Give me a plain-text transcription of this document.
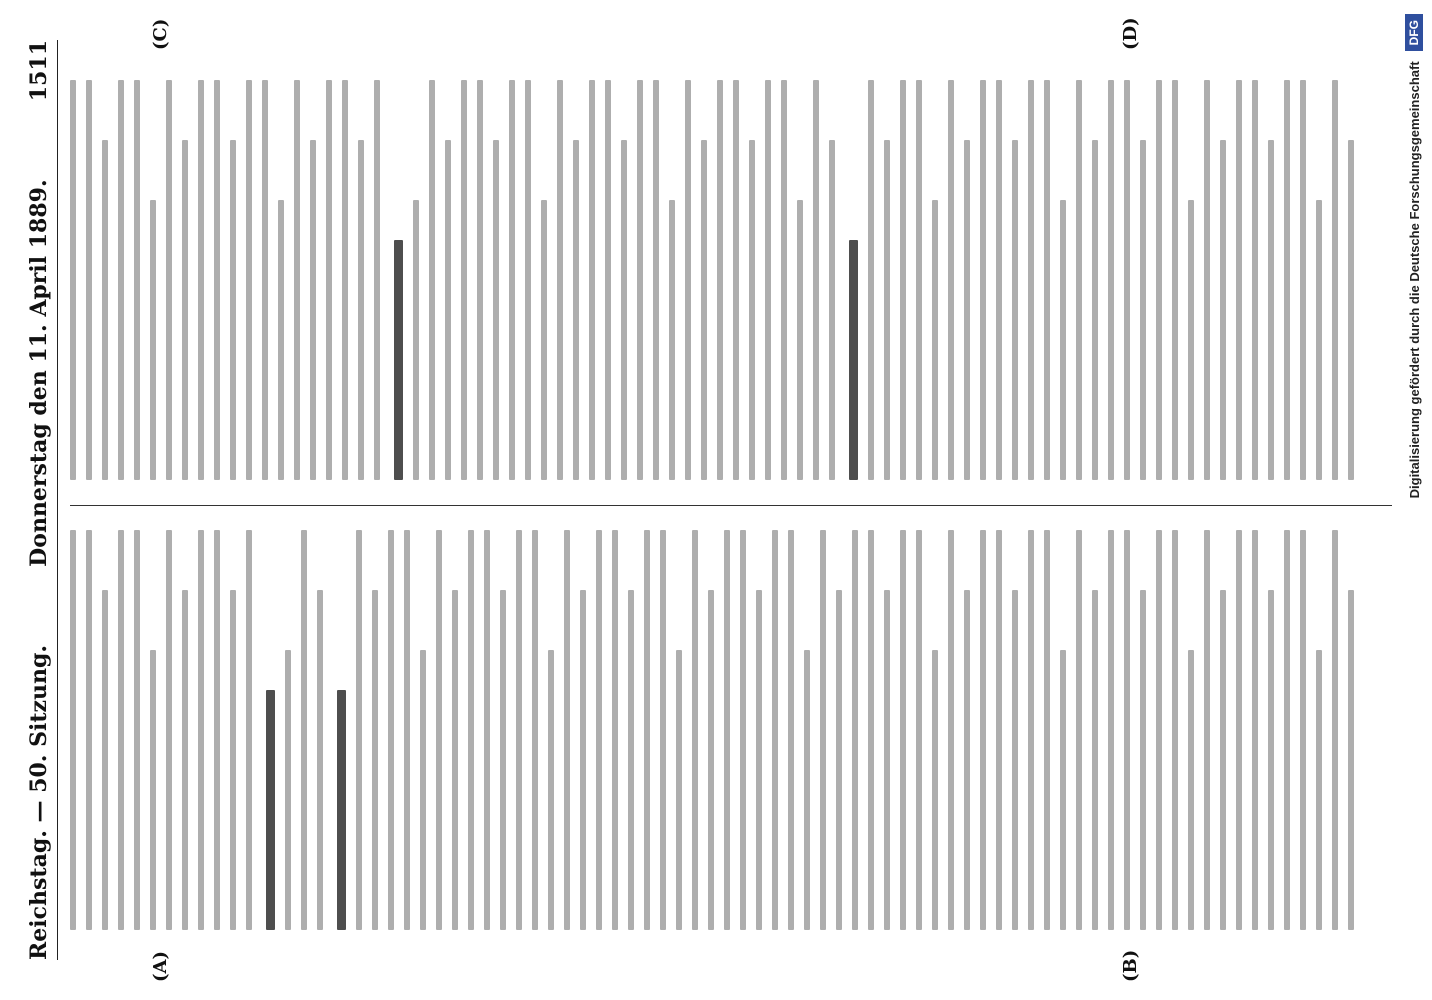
Reichstag. — 50. Sitzung.
Donnerstag den 11. April 1889.
1511
(A)	(B)
(C)	(D)
Digitalisierung gefördert durch die Deutsche Forschungsgemeinschaft
DFG
